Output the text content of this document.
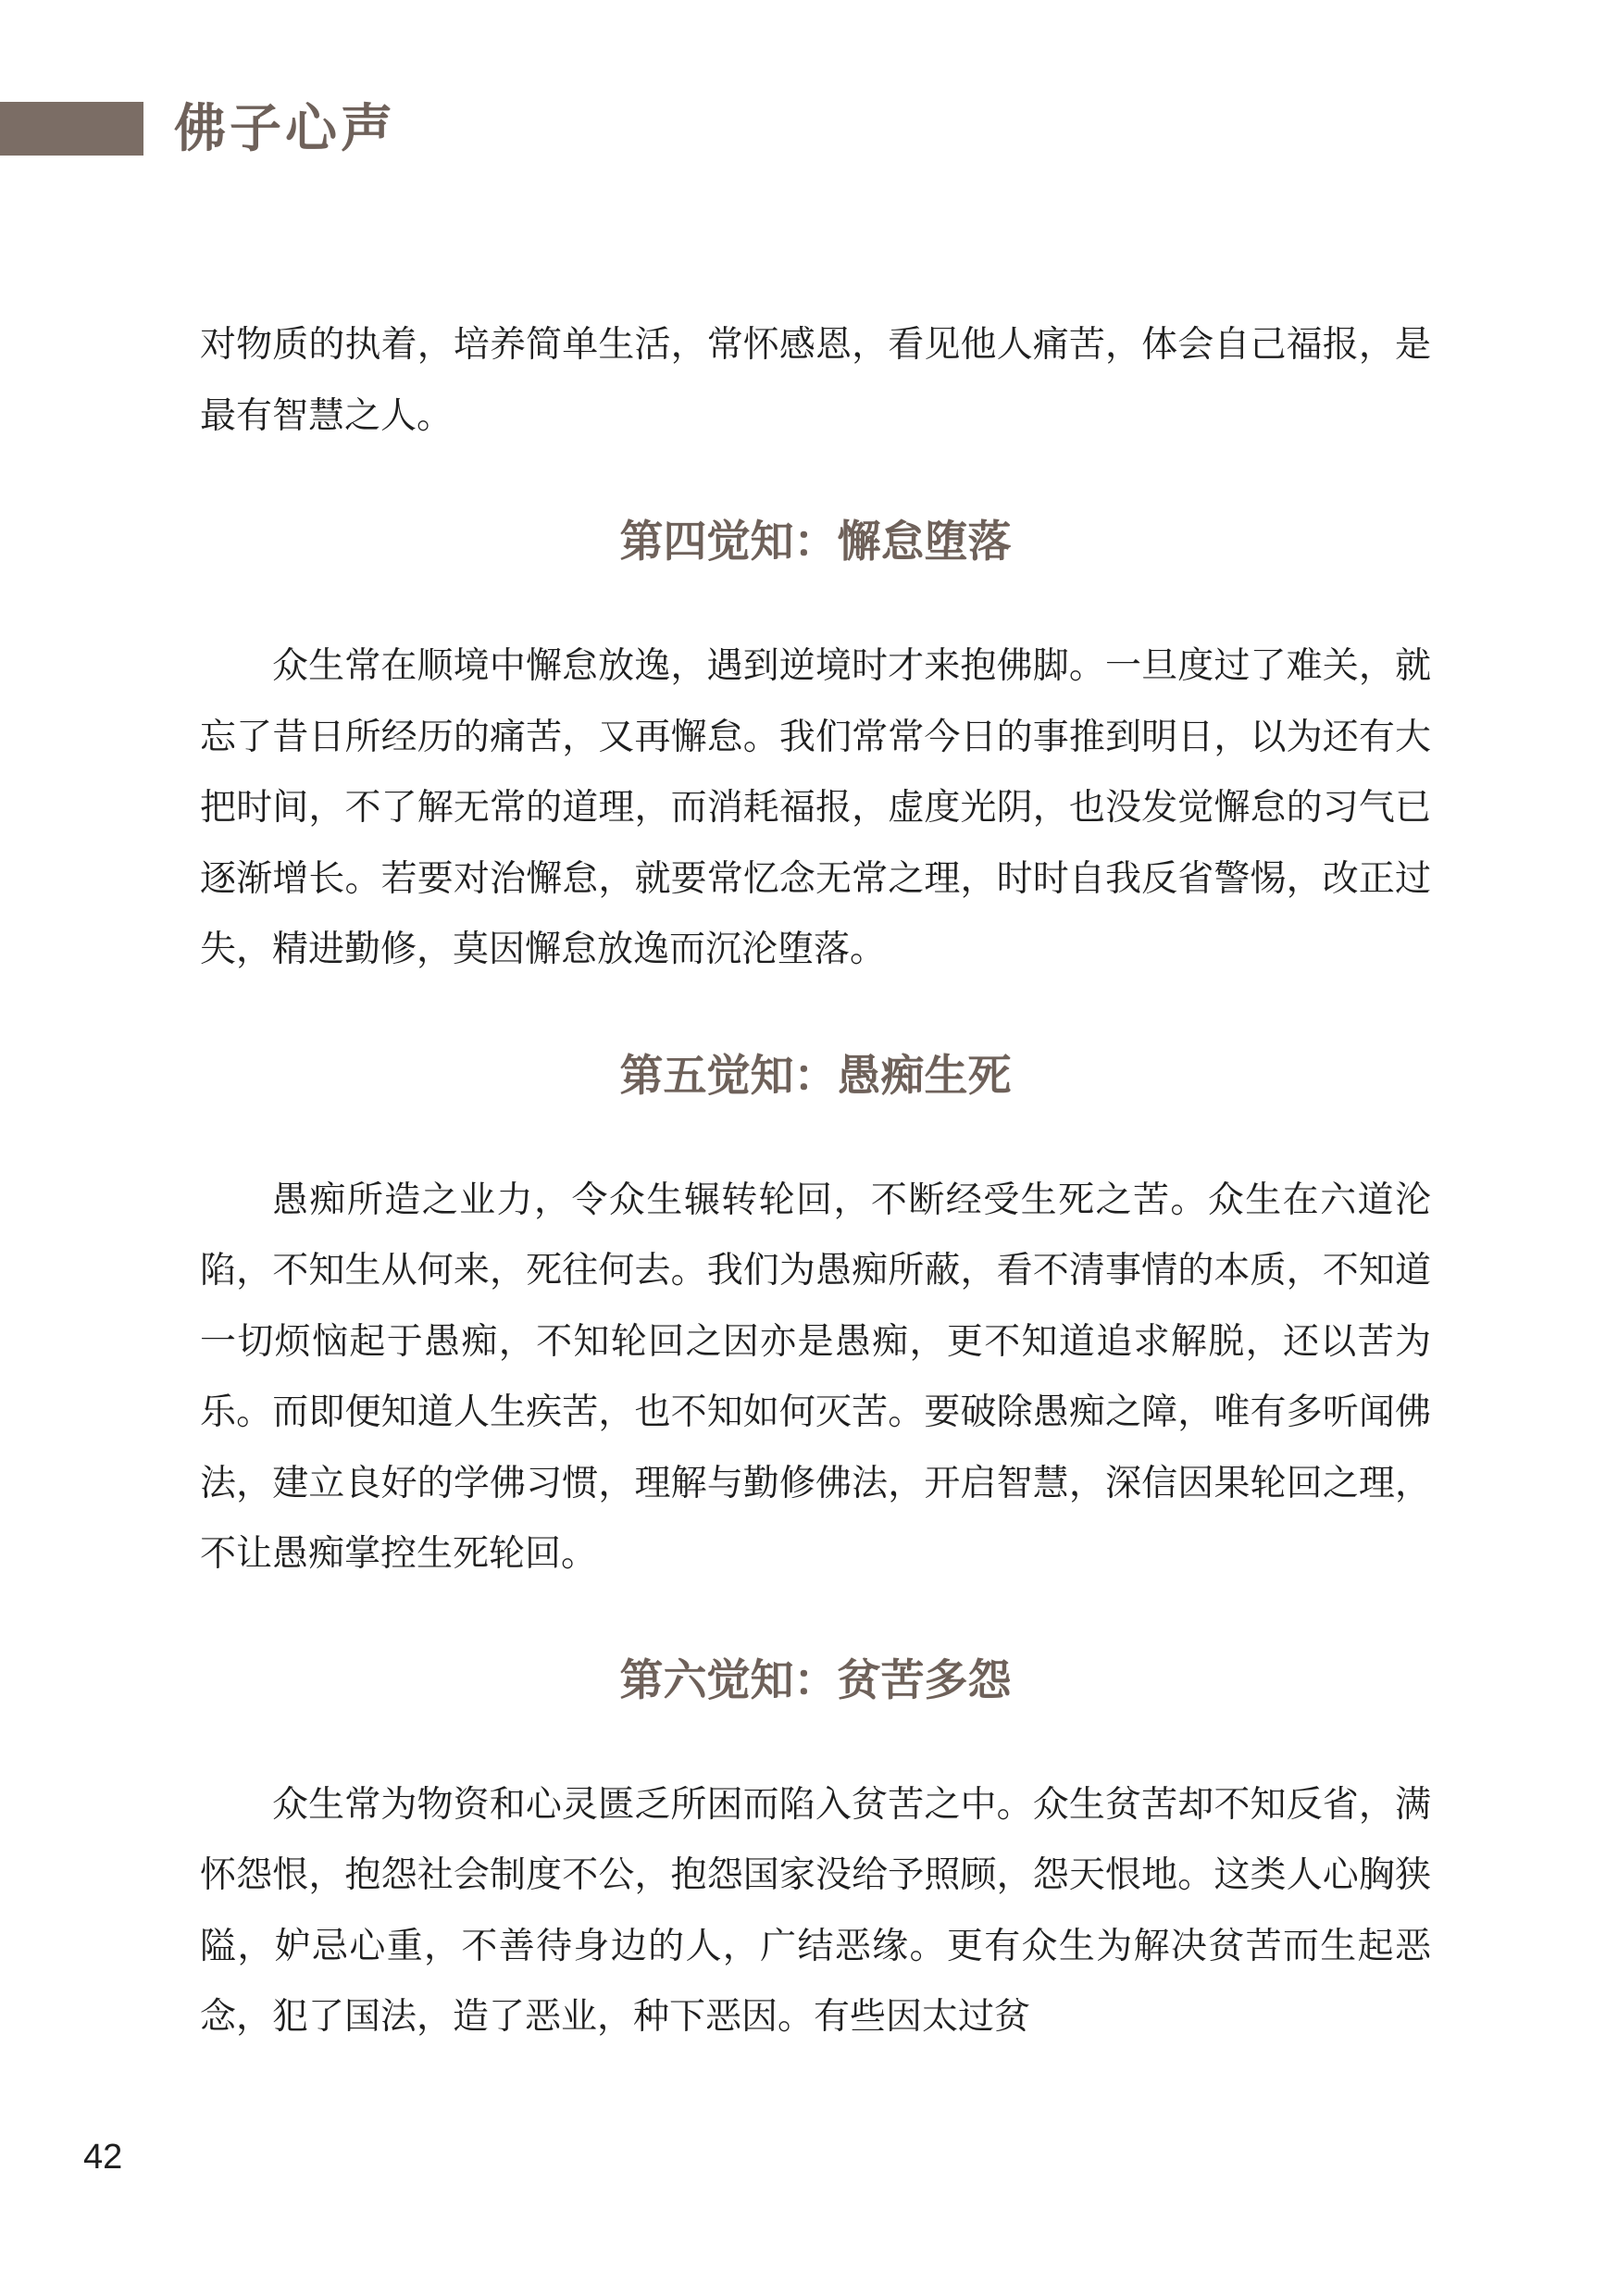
佛子心声

对物质的执着，培养简单生活，常怀感恩，看见他人痛苦，体会自己福报，是最有智慧之人。

第四觉知：懈怠堕落

众生常在顺境中懈怠放逸，遇到逆境时才来抱佛脚。一旦度过了难关，就忘了昔日所经历的痛苦，又再懈怠。我们常常今日的事推到明日，以为还有大把时间，不了解无常的道理，而消耗福报，虚度光阴，也没发觉懈怠的习气已逐渐增长。若要对治懈怠，就要常忆念无常之理，时时自我反省警惕，改正过失，精进勤修，莫因懈怠放逸而沉沦堕落。

第五觉知：愚痴生死

愚痴所造之业力，令众生辗转轮回，不断经受生死之苦。众生在六道沦陷，不知生从何来，死往何去。我们为愚痴所蔽，看不清事情的本质，不知道一切烦恼起于愚痴，不知轮回之因亦是愚痴，更不知道追求解脱，还以苦为乐。而即便知道人生疾苦，也不知如何灭苦。要破除愚痴之障，唯有多听闻佛法，建立良好的学佛习惯，理解与勤修佛法，开启智慧，深信因果轮回之理，不让愚痴掌控生死轮回。

第六觉知：贫苦多怨

众生常为物资和心灵匮乏所困而陷入贫苦之中。众生贫苦却不知反省，满怀怨恨，抱怨社会制度不公，抱怨国家没给予照顾，怨天恨地。这类人心胸狭隘，妒忌心重，不善待身边的人，广结恶缘。更有众生为解决贫苦而生起恶念，犯了国法，造了恶业，种下恶因。有些因太过贫

42
